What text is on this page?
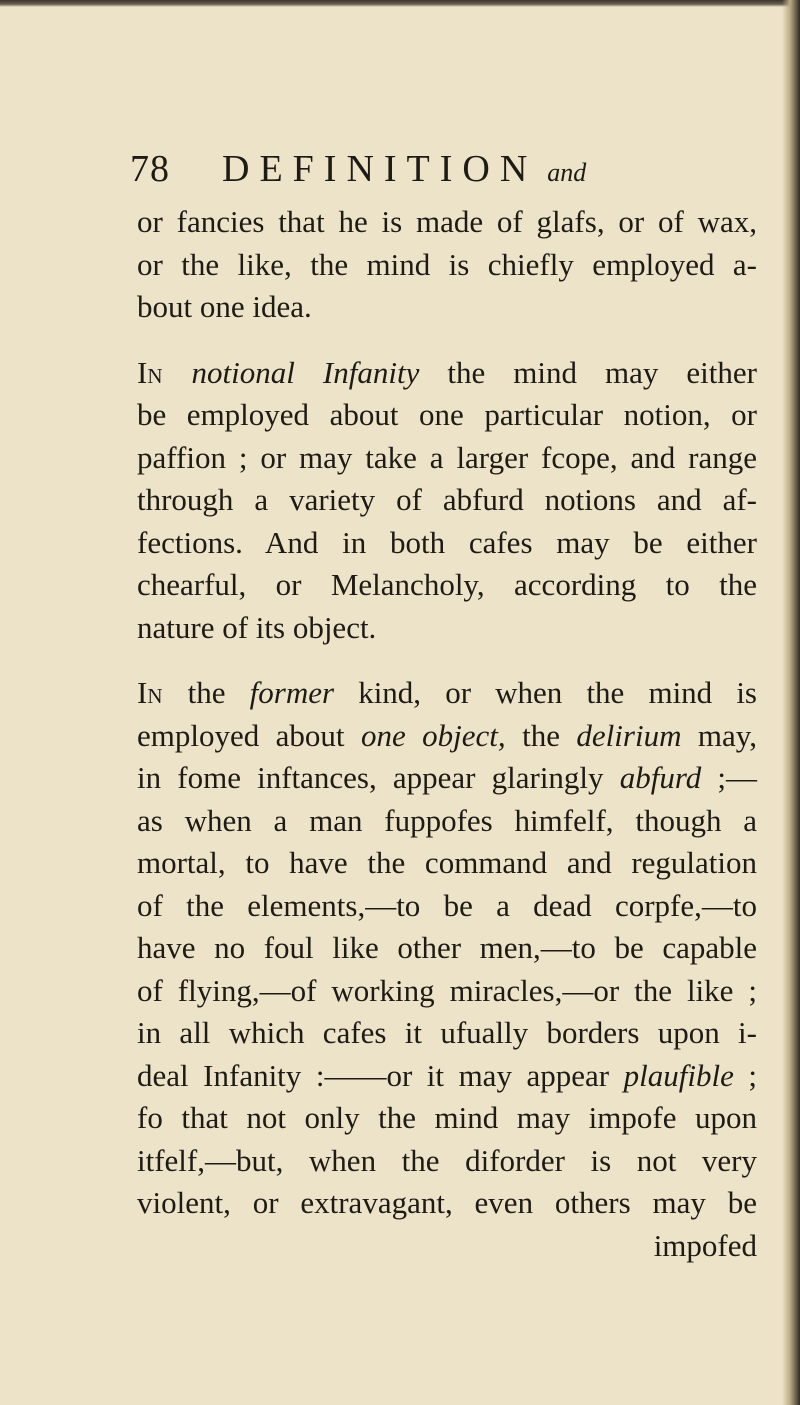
78	DEFINITION and
or fancies that he is made of glafs, or of wax,
or the like, the mind is chiefly employed a-
bout one idea.
IN notional Infanity the mind may either
be employed about one particular notion, or
paffion ; or may take a larger fcope, and range
through a variety of abfurd notions and af-
fections. And in both cafes may be either
chearful, or Melancholy, according to the
nature of its object.
IN the former kind, or when the mind is
employed about one object, the delirium may,
in fome inftances, appear glaringly abfurd ;—
as when a man fuppofes himfelf, though a
mortal, to have the command and regulation
of the elements,—to be a dead corpfe,—to
have no foul like other men,—to be capable
of flying,—of working miracles,—or the like ;
in all which cafes it ufually borders upon i-
deal Infanity :——or it may appear plaufible ;
fo that not only the mind may impofe upon
itfelf,—but, when the diforder is not very
violent, or extravagant, even others may be
impofed
